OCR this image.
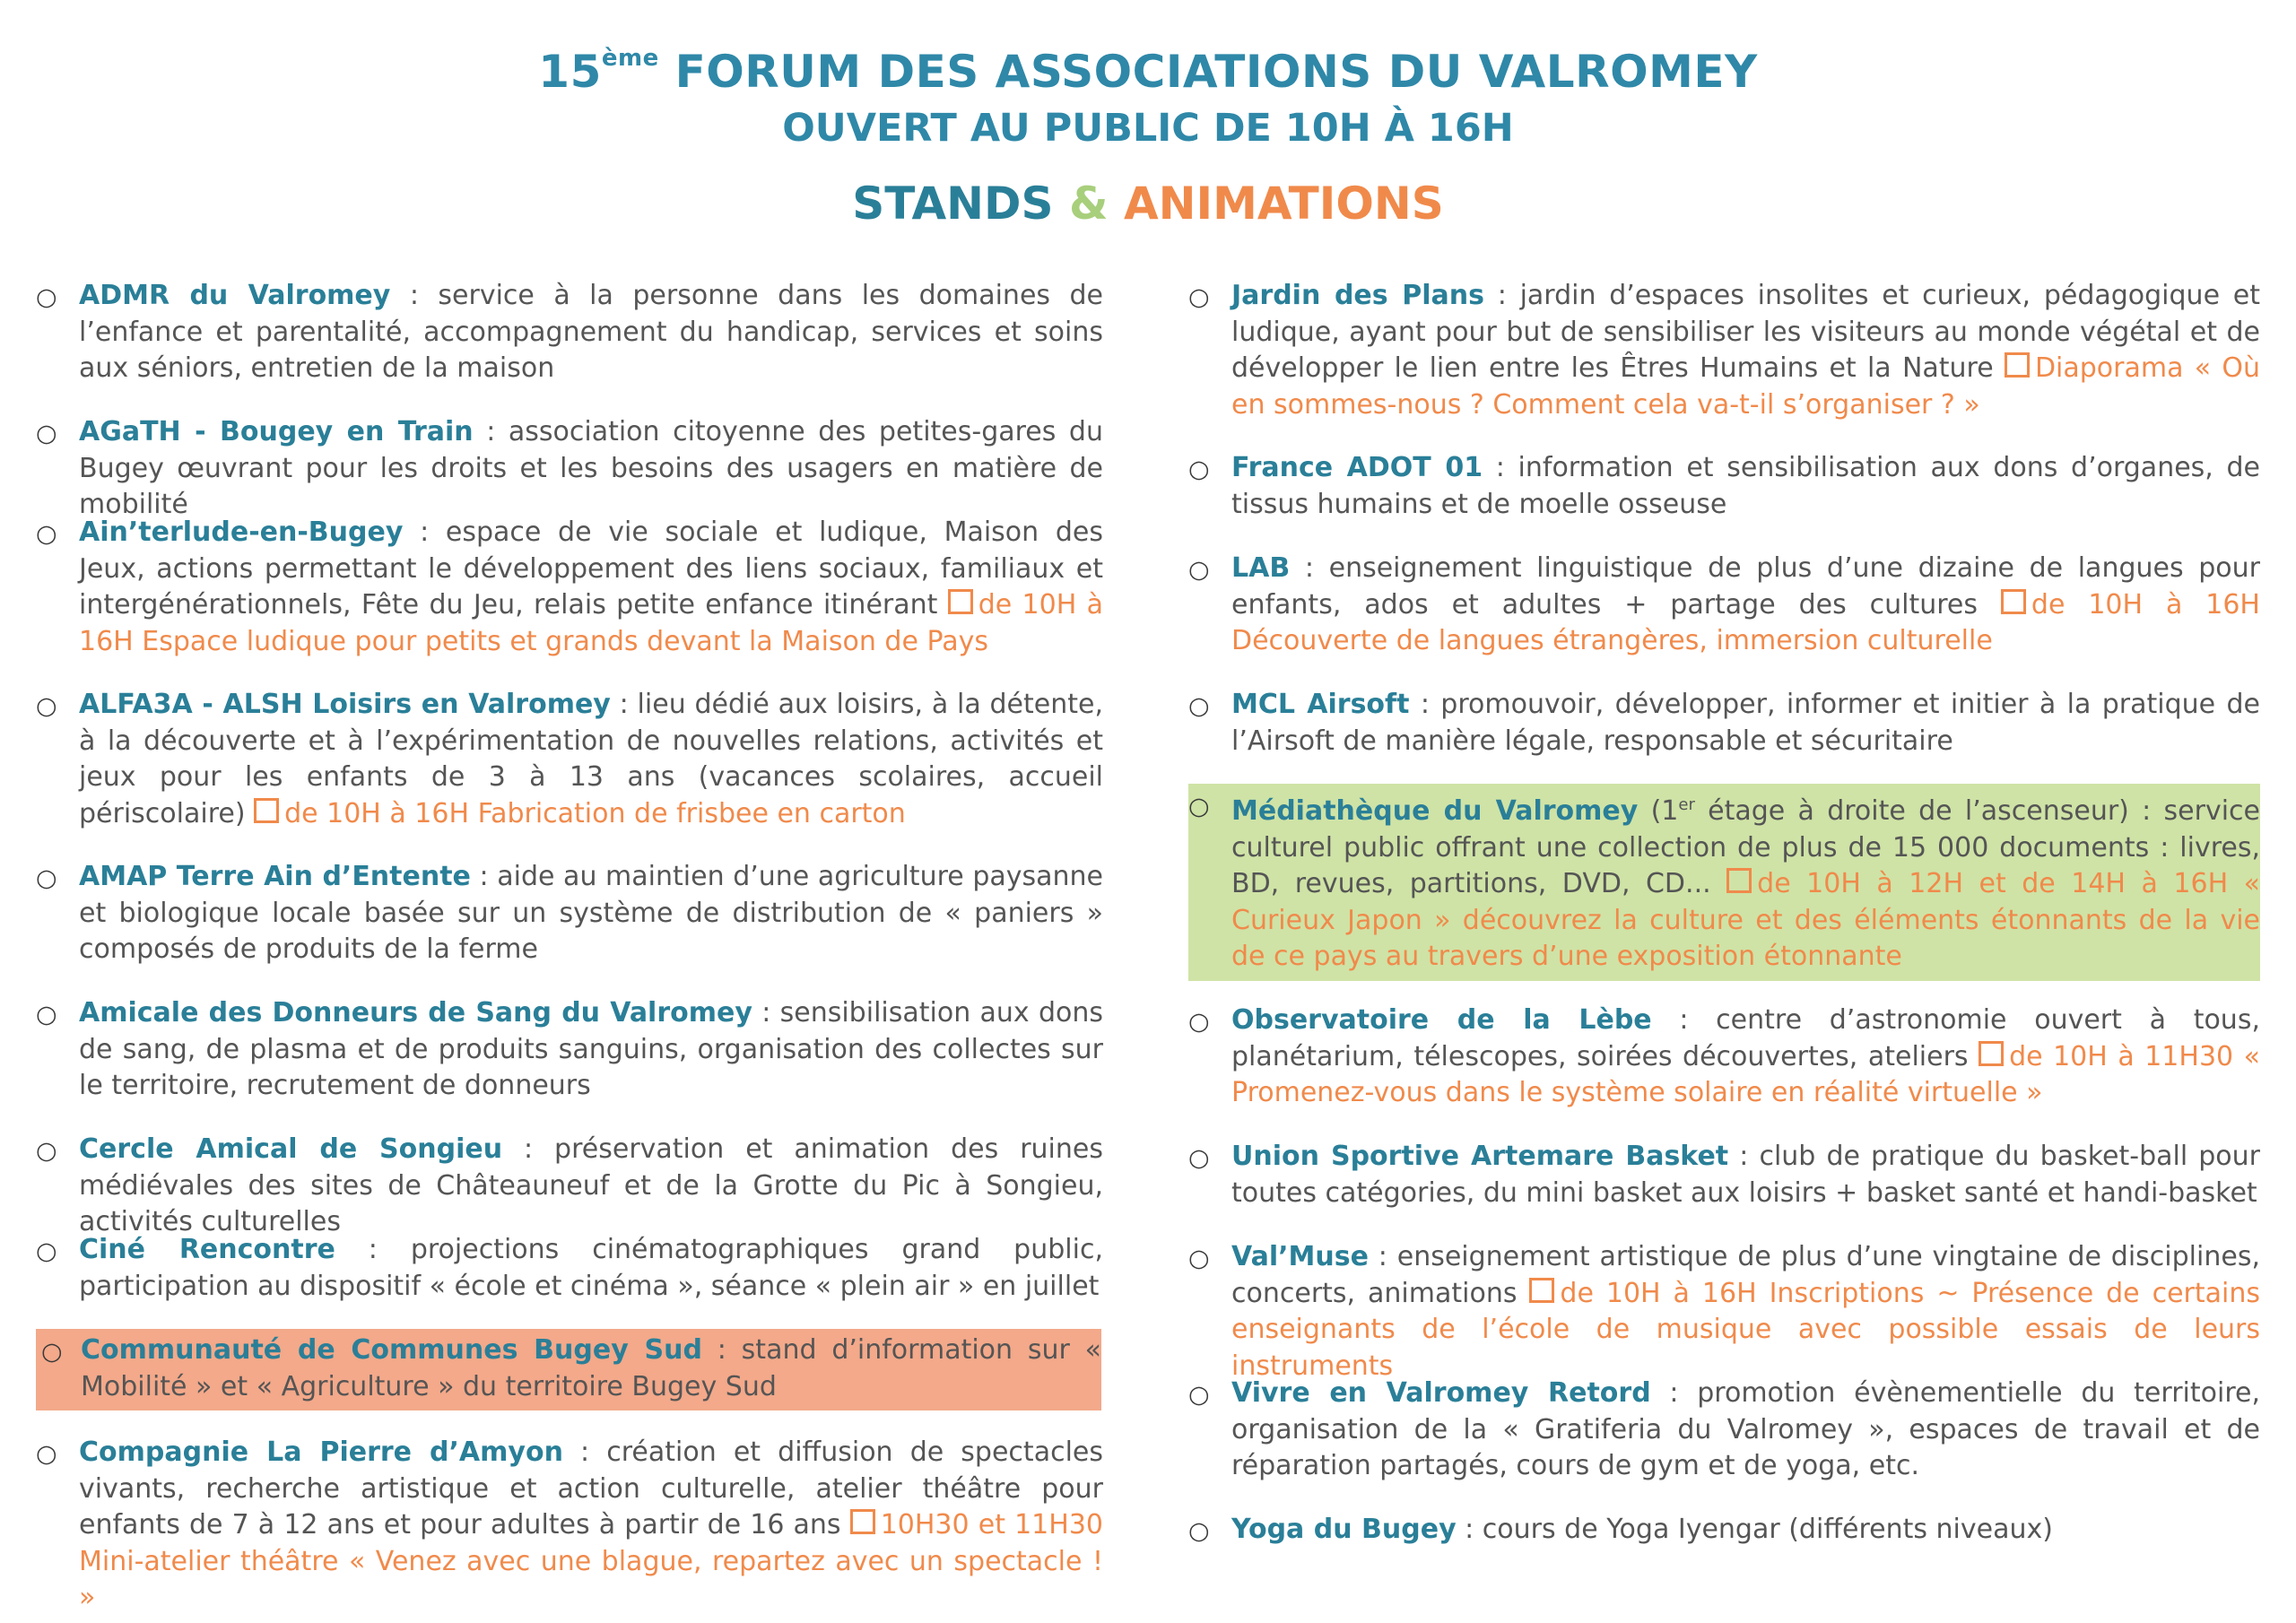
15ème FORUM DES ASSOCIATIONS DU VALROMEY
OUVERT AU PUBLIC DE 10H À 16H
STANDS & ANIMATIONS
○ ADMR du Valromey : service à la personne dans les domaines de l’enfance et parentalité, accompagnement du handicap, services et soins aux séniors, entretien de la maison
○ AGaTH - Bougey en Train : association citoyenne des petites-gares du Bugey œuvrant pour les droits et les besoins des usagers en matière de mobilité
○ Ain’terlude-en-Bugey : espace de vie sociale et ludique, Maison des Jeux, actions permettant le développement des liens sociaux, familiaux et intergénérationnels, Fête du Jeu, relais petite enfance itinérant de 10H à 16H Espace ludique pour petits et grands devant la Maison de Pays
○ ALFA3A - ALSH Loisirs en Valromey : lieu dédié aux loisirs, à la détente, à la découverte et à l’expérimentation de nouvelles relations, activités et jeux pour les enfants de 3 à 13 ans (vacances scolaires, accueil périscolaire) de 10H à 16H Fabrication de frisbee en carton
○ AMAP Terre Ain d’Entente : aide au maintien d’une agriculture paysanne et biologique locale basée sur un système de distribution de « paniers » composés de produits de la ferme
○ Amicale des Donneurs de Sang du Valromey : sensibilisation aux dons de sang, de plasma et de produits sanguins, organisation des collectes sur le territoire, recrutement de donneurs
○ Cercle Amical de Songieu : préservation et animation des ruines médiévales des sites de Châteauneuf et de la Grotte du Pic à Songieu, activités culturelles
○ Ciné Rencontre : projections cinématographiques grand public, participation au dispositif « école et cinéma », séance « plein air » en juillet
○ Communauté de Communes Bugey Sud : stand d’information sur « Mobilité » et « Agriculture » du territoire Bugey Sud
○ Compagnie La Pierre d’Amyon : création et diffusion de spectacles vivants, recherche artistique et action culturelle, atelier théâtre pour enfants de 7 à 12 ans et pour adultes à partir de 16 ans 10H30 et 11H30 Mini-atelier théâtre « Venez avec une blague, repartez avec un spectacle ! »
○ Jardin des Plans : jardin d’espaces insolites et curieux, pédagogique et ludique, ayant pour but de sensibiliser les visiteurs au monde végétal et de développer le lien entre les Êtres Humains et la Nature Diaporama « Où en sommes-nous ? Comment cela va-t-il s’organiser ? »
○ France ADOT 01 : information et sensibilisation aux dons d’organes, de tissus humains et de moelle osseuse
○ LAB : enseignement linguistique de plus d’une dizaine de langues pour enfants, ados et adultes + partage des cultures de 10H à 16H Découverte de langues étrangères, immersion culturelle
○ MCL Airsoft : promouvoir, développer, informer et initier à la pratique de l’Airsoft de manière légale, responsable et sécuritaire
○ Médiathèque du Valromey (1er étage à droite de l’ascenseur) : service culturel public offrant une collection de plus de 15 000 documents : livres, BD, revues, partitions, DVD, CD... de 10H à 12H et de 14H à 16H « Curieux Japon » découvrez la culture et des éléments étonnants de la vie de ce pays au travers d’une exposition étonnante
○ Observatoire de la Lèbe : centre d’astronomie ouvert à tous, planétarium, télescopes, soirées découvertes, ateliers de 10H à 11H30 « Promenez-vous dans le système solaire en réalité virtuelle »
○ Union Sportive Artemare Basket : club de pratique du basket-ball pour toutes catégories, du mini basket aux loisirs + basket santé et handi-basket
○ Val’Muse : enseignement artistique de plus d’une vingtaine de disciplines, concerts, animations de 10H à 16H Inscriptions ~ Présence de certains enseignants de l’école de musique avec possible essais de leurs instruments
○ Vivre en Valromey Retord : promotion évènementielle du territoire, organisation de la « Gratiferia du Valromey », espaces de travail et de réparation partagés, cours de gym et de yoga, etc.
○ Yoga du Bugey : cours de Yoga Iyengar (différents niveaux)
